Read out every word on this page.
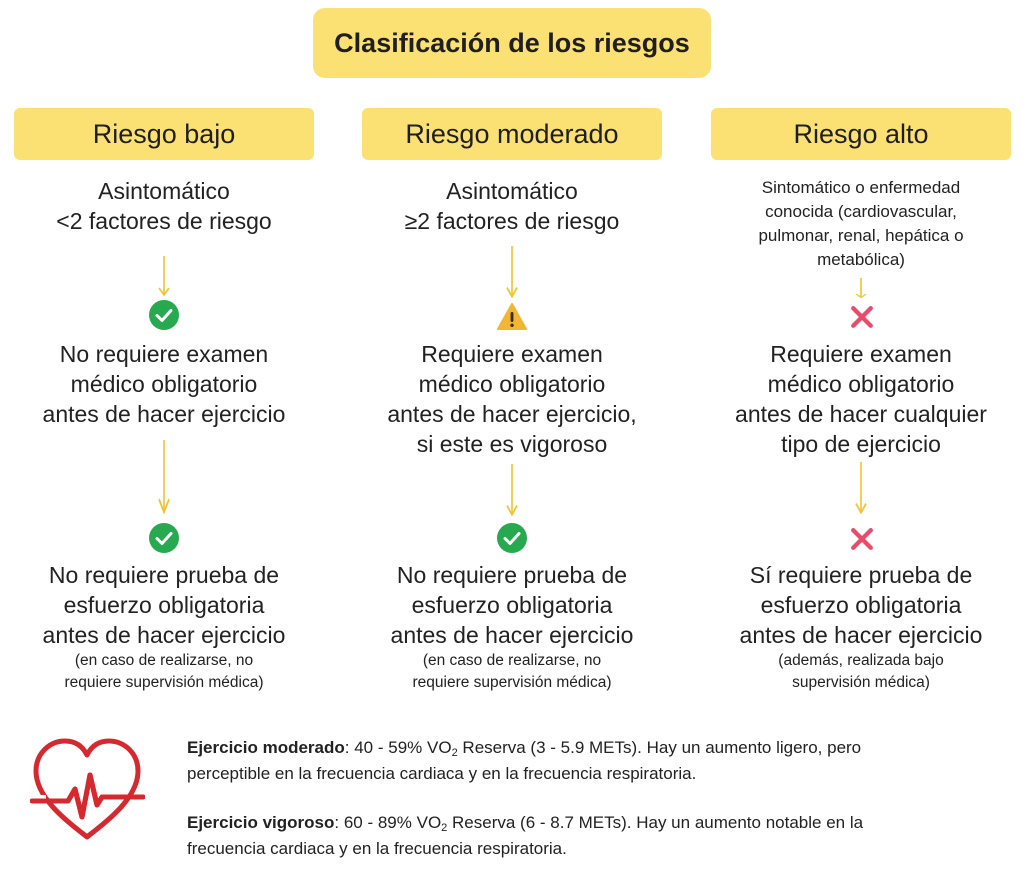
Clasificación de los riesgos
Riesgo bajo

Asintomático
<2 factores de riesgo

No requiere examen
médico obligatorio
antes de hacer ejercicio

No requiere prueba de
esfuerzo obligatoria
antes de hacer ejercicio
(en caso de realizarse, no
requiere supervisión médica)

Riesgo moderado

Asintomático
≥2 factores de riesgo

Requiere examen
médico obligatorio
antes de hacer ejercicio,
si este es vigoroso

No requiere prueba de
esfuerzo obligatoria
antes de hacer ejercicio
(en caso de realizarse, no
requiere supervisión médica)

Riesgo alto

Sintomático o enfermedad
conocida (cardiovascular,
pulmonar, renal, hepática o
metabólica)

Requiere examen
médico obligatorio
antes de hacer cualquier
tipo de ejercicio

Sí requiere prueba de
esfuerzo obligatoria
antes de hacer ejercicio
(además, realizada bajo
supervisión médica)

Ejercicio moderado: 40 - 59% $VO_2$ Reserva (3 - 5.9 METs). Hay un aumento ligero, pero
perceptible en la frecuencia cardiaca y en la frecuencia respiratoria.
Ejercicio vigoroso: 60 - 89% $VO_2$ Reserva (6 - 8.7 METs). Hay un aumento notable en la
frecuencia cardiaca y en la frecuencia respiratoria.
